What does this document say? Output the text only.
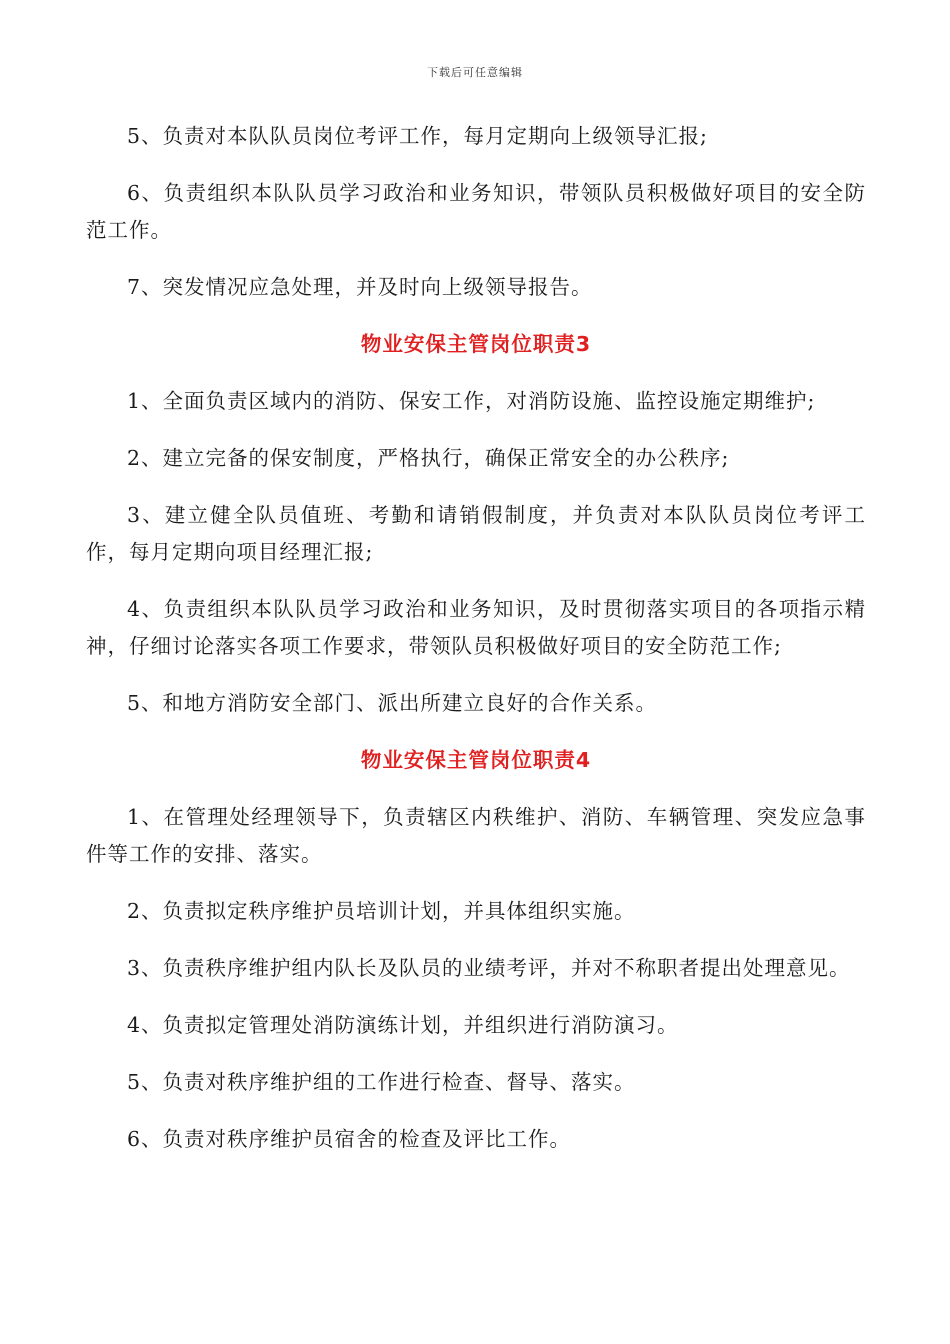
下载后可任意编辑

5、负责对本队队员岗位考评工作，每月定期向上级领导汇报;

6、负责组织本队队员学习政治和业务知识，带领队员积极做好项目的安全防范工作。

7、突发情况应急处理，并及时向上级领导报告。

物业安保主管岗位职责3

1、全面负责区域内的消防、保安工作，对消防设施、监控设施定期维护;

2、建立完备的保安制度，严格执行，确保正常安全的办公秩序;

3、建立健全队员值班、考勤和请销假制度，并负责对本队队员岗位考评工作，每月定期向项目经理汇报;

4、负责组织本队队员学习政治和业务知识，及时贯彻落实项目的各项指示精神，仔细讨论落实各项工作要求，带领队员积极做好项目的安全防范工作;

5、和地方消防安全部门、派出所建立良好的合作关系。

物业安保主管岗位职责4

1、在管理处经理领导下，负责辖区内秩维护、消防、车辆管理、突发应急事件等工作的安排、落实。

2、负责拟定秩序维护员培训计划，并具体组织实施。

3、负责秩序维护组内队长及队员的业绩考评，并对不称职者提出处理意见。

4、负责拟定管理处消防演练计划，并组织进行消防演习。

5、负责对秩序维护组的工作进行检查、督导、落实。

6、负责对秩序维护员宿舍的检查及评比工作。
